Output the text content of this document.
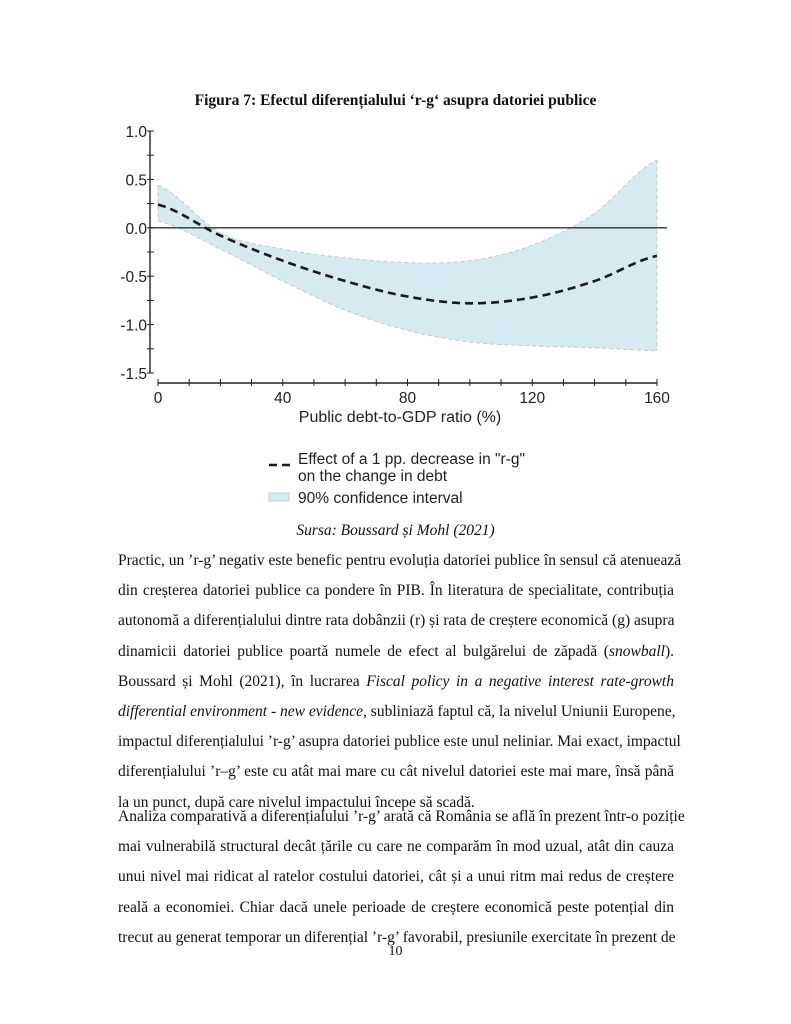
Figura 7: Efectul diferențialului ‘r-g‘ asupra datoriei publice
1.0
0.5
0.0
-0.5
-1.0
-1.5
0	40	80	120	160
Public debt-to-GDP ratio (%)
Effect of a 1 pp. decrease in "r-g"
on the change in debt
90% confidence interval
Sursa: Boussard și Mohl (2021)
Practic, un ’r-g’ negativ este benefic pentru evoluția datoriei publice în sensul că atenuează
din creșterea datoriei publice ca pondere în PIB. În literatura de specialitate, contribuția
autonomă a diferențialului dintre rata dobânzii (r) și rata de creștere economică (g) asupra
dinamicii datoriei publice poartă numele de efect al bulgărelui de zăpadă (snowball).
Boussard și Mohl (2021), în lucrarea Fiscal policy in a negative interest rate-growth
differential environment - new evidence, subliniază faptul că, la nivelul Uniunii Europene,
impactul diferențialului ’r-g’ asupra datoriei publice este unul neliniar. Mai exact, impactul
diferențialului ’r–g’ este cu atât mai mare cu cât nivelul datoriei este mai mare, însă până
la un punct, după care nivelul impactului începe să scadă.
Analiza comparativă a diferențialului ’r-g’ arată că România se află în prezent într-o poziție
mai vulnerabilă structural decât țările cu care ne comparăm în mod uzual, atât din cauza
unui nivel mai ridicat al ratelor costului datoriei, cât și a unui ritm mai redus de creștere
reală a economiei. Chiar dacă unele perioade de creștere economică peste potențial din
trecut au generat temporar un diferențial ’r-g’ favorabil, presiunile exercitate în prezent de
10
